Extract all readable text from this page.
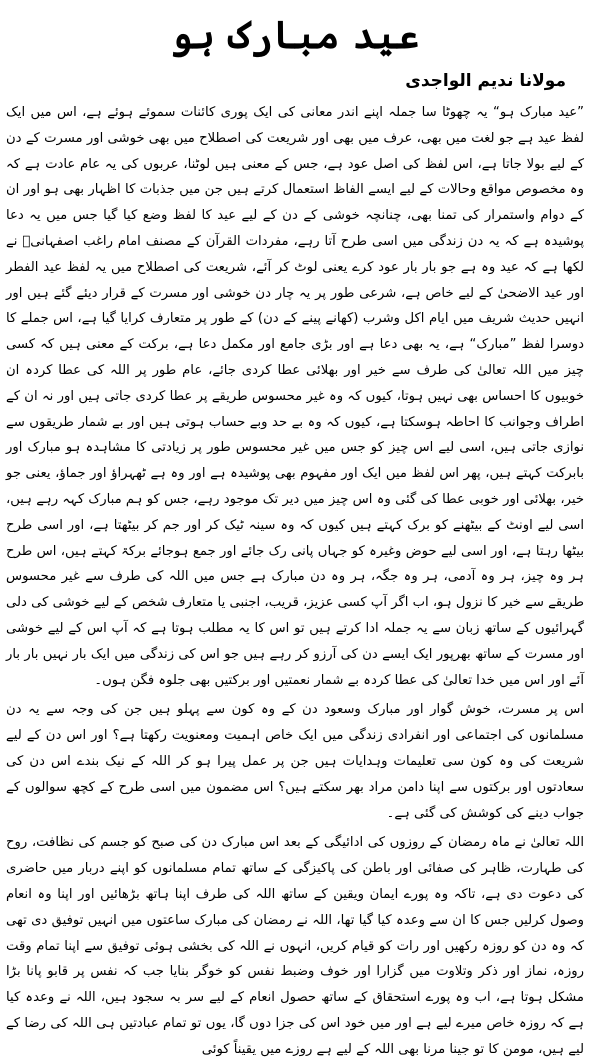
عید مبارک ہو
مولانا ندیم الواجدی

”عید مبارک ہو“ یہ چھوٹا سا جملہ اپنے اندر معانی کی ایک پوری کائنات سموئے ہوئے ہے، اس میں ایک لفظ عید ہے جو لغت میں بھی، عرف میں بھی اور شریعت کی اصطلاح میں بھی خوشی اور مسرت کے دن کے لیے بولا جاتا ہے، اس لفظ کی اصل عود ہے، جس کے معنی ہیں لوٹنا، عربوں کی یہ عام عادت ہے کہ وہ مخصوص مواقع وحالات کے لیے ایسے الفاظ استعمال کرتے ہیں جن میں جذبات کا اظہار بھی ہو اور ان کے دوام واستمرار کی تمنا بھی، چنانچہ خوشی کے دن کے لیے عید کا لفظ وضع کیا گیا جس میں یہ دعا پوشیدہ ہے کہ یہ دن زندگی میں اسی طرح آتا رہے، مفردات القرآن کے مصنف امام راغب اصفہانیؒ نے لکھا ہے کہ عید وہ ہے جو بار بار عود کرے یعنی لوٹ کر آئے، شریعت کی اصطلاح میں یہ لفظ عید الفطر اور عید الاضحیٰ کے لیے خاص ہے، شرعی طور پر یہ چار دن خوشی اور مسرت کے قرار دیئے گئے ہیں اور انہیں حدیث شریف میں ایام اکل وشرب (کھانے پینے کے دن) کے طور پر متعارف کرایا گیا ہے، اس جملے کا دوسرا لفظ ”مبارک“ ہے، یہ بھی دعا ہے اور بڑی جامع اور مکمل دعا ہے، برکت کے معنی ہیں کہ کسی چیز میں اللہ تعالیٰ کی طرف سے خیر اور بھلائی عطا کردی جائے، عام طور پر اللہ کی عطا کردہ ان خوبیوں کا احساس بھی نہیں ہوتا، کیوں کہ وہ غیر محسوس طریقے پر عطا کردی جاتی ہیں اور نہ ان کے اطراف وجوانب کا احاطہ ہوسکتا ہے، کیوں کہ وہ بے حد وبے حساب ہوتی ہیں اور بے شمار طریقوں سے نوازی جاتی ہیں، اسی لیے اس چیز کو جس میں غیر محسوس طور پر زیادتی کا مشاہدہ ہو مبارک اور بابرکت کہتے ہیں، پھر اس لفظ میں ایک اور مفہوم بھی پوشیدہ ہے اور وہ ہے ٹھہراؤ اور جماؤ، یعنی جو خیر، بھلائی اور خوبی عطا کی گئی وہ اس چیز میں دیر تک موجود رہے، جس کو ہم مبارک کہہ رہے ہیں، اسی لیے اونٹ کے بیٹھنے کو برک کہتے ہیں کیوں کہ وہ سینہ ٹیک کر اور جم کر بیٹھتا ہے، اور اسی طرح بیٹھا رہتا ہے، اور اسی لیے حوض وغیرہ کو جہاں پانی رک جائے اور جمع ہوجائے برکۃ کہتے ہیں، اس طرح ہر وہ چیز، ہر وہ آدمی، ہر وہ جگہ، ہر وہ دن مبارک ہے جس میں اللہ کی طرف سے غیر محسوس طریقے سے خیر کا نزول ہو، اب اگر آپ کسی عزیز، قریب، اجنبی یا متعارف شخص کے لیے خوشی کی دلی گہرائیوں کے ساتھ زبان سے یہ جملہ ادا کرتے ہیں تو اس کا یہ مطلب ہوتا ہے کہ آپ اس کے لیے خوشی اور مسرت کے ساتھ بھرپور ایک ایسے دن کی آرزو کر رہے ہیں جو اس کی زندگی میں ایک بار نہیں بار بار آئے اور اس میں خدا تعالیٰ کی عطا کردہ بے شمار نعمتیں اور برکتیں بھی جلوہ فگن ہوں۔

اس پر مسرت، خوش گوار اور مبارک وسعود دن کے وہ کون سے پہلو ہیں جن کی وجہ سے یہ دن مسلمانوں کی اجتماعی اور انفرادی زندگی میں ایک خاص اہمیت ومعنویت رکھتا ہے؟ اور اس دن کے لیے شریعت کی وہ کون سی تعلیمات وہدایات ہیں جن پر عمل پیرا ہو کر اللہ کے نیک بندے اس دن کی سعادتوں اور برکتوں سے اپنا دامن مراد بھر سکتے ہیں؟ اس مضمون میں اسی طرح کے کچھ سوالوں کے جواب دینے کی کوشش کی گئی ہے۔

اللہ تعالیٰ نے ماہ رمضان کے روزوں کی ادائیگی کے بعد اس مبارک دن کی صبح کو جسم کی نظافت، روح کی طہارت، ظاہر کی صفائی اور باطن کی پاکیزگی کے ساتھ تمام مسلمانوں کو اپنے دربار میں حاضری کی دعوت دی ہے، تاکہ وہ پورے ایمان ویقین کے ساتھ اللہ کی طرف اپنا ہاتھ بڑھائیں اور اپنا وہ انعام وصول کرلیں جس کا ان سے وعدہ کیا گیا تھا، اللہ نے رمضان کی مبارک ساعتوں میں انہیں توفیق دی تھی کہ وہ دن کو روزہ رکھیں اور رات کو قیام کریں، انہوں نے اللہ کی بخشی ہوئی توفیق سے اپنا تمام وقت روزہ، نماز اور ذکر وتلاوت میں گزارا اور خوف وضبط نفس کو خوگر بنایا جب کہ نفس پر قابو پانا بڑا مشکل ہوتا ہے، اب وہ پورے استحقاق کے ساتھ حصول انعام کے لیے سر بہ سجود ہیں، اللہ نے وعدہ کیا ہے کہ روزہ خاص میرے لیے ہے اور میں خود اس کی جزا دوں گا، یوں تو تمام عبادتیں ہی اللہ کی رضا کے لیے ہیں، مومن کا تو جینا مرنا بھی اللہ کے لیے ہے روزے میں یقیناً کوئی
